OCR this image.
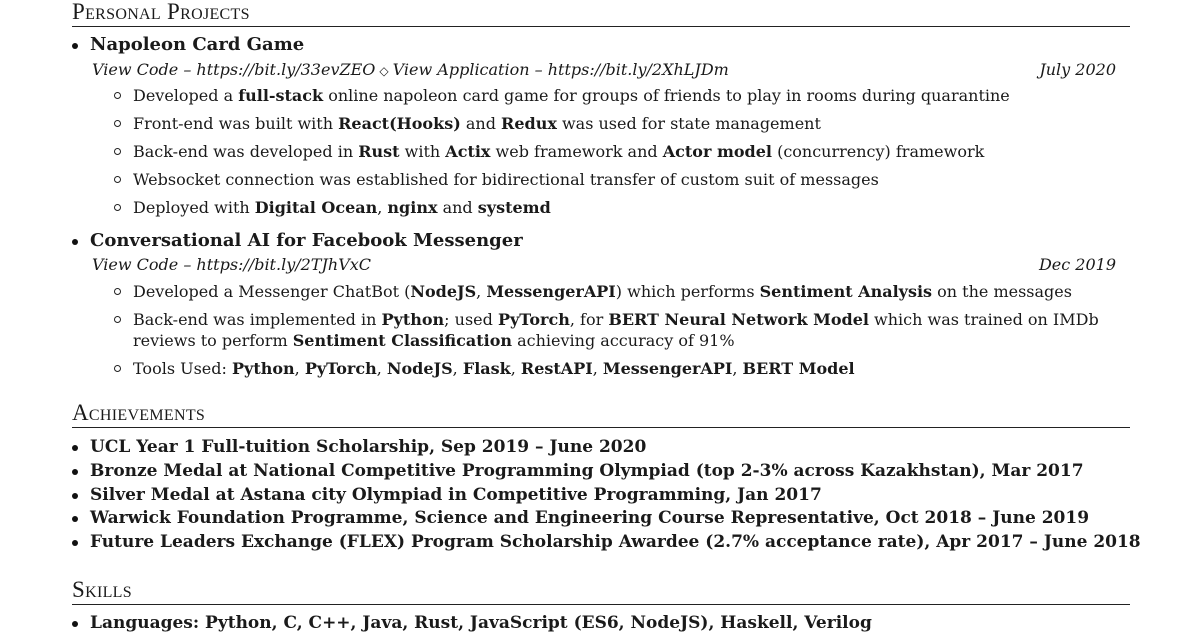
Personal Projects
Napoleon Card Game
View Code – https://bit.ly/33evZEO ◇ View Application – https://bit.ly/2XhLJDm	July 2020
Developed a full-stack online napoleon card game for groups of friends to play in rooms during quarantine
Front-end was built with React(Hooks) and Redux was used for state management
Back-end was developed in Rust with Actix web framework and Actor model (concurrency) framework
Websocket connection was established for bidirectional transfer of custom suit of messages
Deployed with Digital Ocean, nginx and systemd
Conversational AI for Facebook Messenger
View Code – https://bit.ly/2TJhVxC	Dec 2019
Developed a Messenger ChatBot (NodeJS, MessengerAPI) which performs Sentiment Analysis on the messages
Back-end was implemented in Python; used PyTorch, for BERT Neural Network Model which was trained on IMDb
reviews to perform Sentiment Classification achieving accuracy of 91%
Tools Used: Python, PyTorch, NodeJS, Flask, RestAPI, MessengerAPI, BERT Model
Achievements
UCL Year 1 Full-tuition Scholarship, Sep 2019 – June 2020
Bronze Medal at National Competitive Programming Olympiad (top 2-3% across Kazakhstan), Mar 2017
Silver Medal at Astana city Olympiad in Competitive Programming, Jan 2017
Warwick Foundation Programme, Science and Engineering Course Representative, Oct 2018 – June 2019
Future Leaders Exchange (FLEX) Program Scholarship Awardee (2.7% acceptance rate), Apr 2017 – June 2018
Skills
Languages: Python, C, C++, Java, Rust, JavaScript (ES6, NodeJS), Haskell, Verilog
